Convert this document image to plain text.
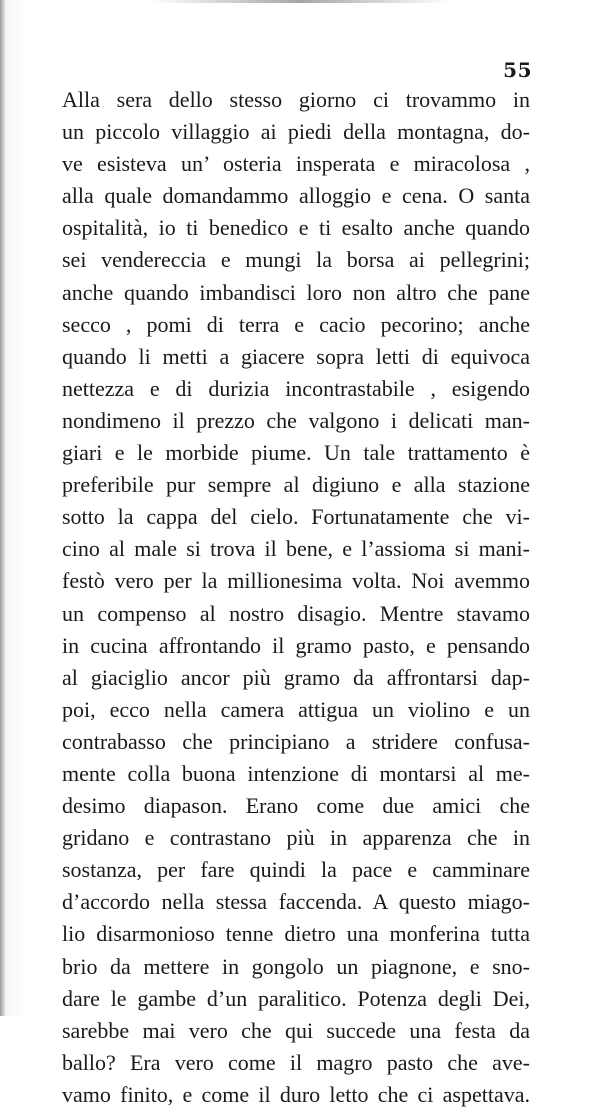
55
Alla sera dello stesso giorno ci trovammo in
un piccolo villaggio ai piedi della montagna, do-
ve esisteva un’ osteria insperata e miracolosa ,
alla quale domandammo alloggio e cena. O santa
ospitalità, io ti benedico e ti esalto anche quando
sei vendereccia e mungi la borsa ai pellegrini;
anche quando imbandisci loro non altro che pane
secco , pomi di terra e cacio pecorino; anche
quando li metti a giacere sopra letti di equivoca
nettezza e di durizia incontrastabile , esigendo
nondimeno il prezzo che valgono i delicati man-
giari e le morbide piume. Un tale trattamento è
preferibile pur sempre al digiuno e alla stazione
sotto la cappa del cielo. Fortunatamente che vi-
cino al male si trova il bene, e l’assioma si mani-
festò vero per la millionesima volta. Noi avemmo
un compenso al nostro disagio. Mentre stavamo
in cucina affrontando il gramo pasto, e pensando
al giaciglio ancor più gramo da affrontarsi dap-
poi, ecco nella camera attigua un violino e un
contrabasso che principiano a stridere confusa-
mente colla buona intenzione di montarsi al me-
desimo diapason. Erano come due amici che
gridano e contrastano più in apparenza che in
sostanza, per fare quindi la pace e camminare
d’accordo nella stessa faccenda. A questo miago-
lio disarmonioso tenne dietro una monferina tutta
brio da mettere in gongolo un piagnone, e sno-
dare le gambe d’un paralitico. Potenza degli Dei,
sarebbe mai vero che qui succede una festa da
ballo? Era vero come il magro pasto che ave-
vamo finito, e come il duro letto che ci aspettava.
